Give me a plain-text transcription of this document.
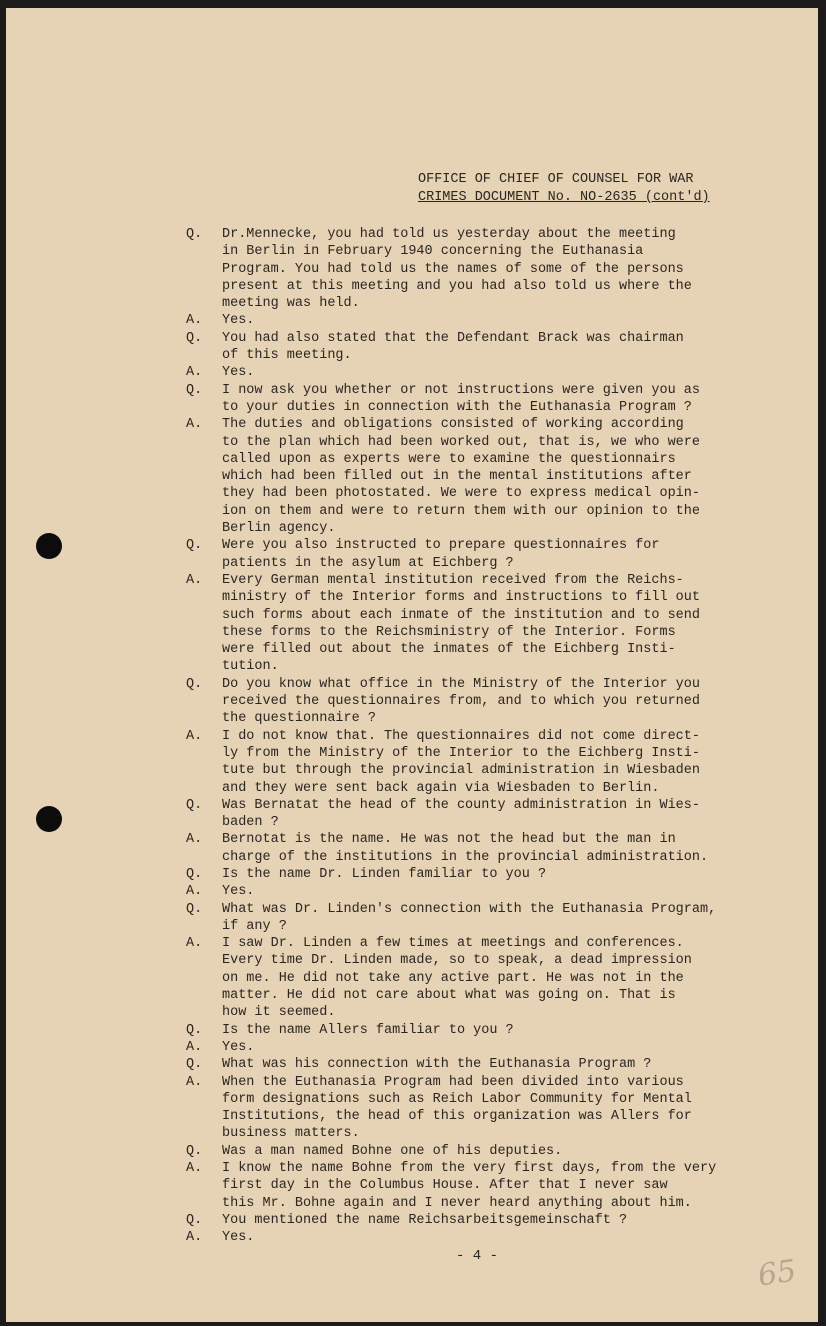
OFFICE OF CHIEF OF COUNSEL FOR WAR
CRIMES DOCUMENT No. NO-2635 (cont'd)
Q. Dr.Mennecke, you had told us yesterday about the meeting
in Berlin in February 1940 concerning the Euthanasia
Program. You had told us the names of some of the persons
present at this meeting and you had also told us where the
meeting was held.
A. Yes.
Q. You had also stated that the Defendant Brack was chairman
of this meeting.
A. Yes.
Q. I now ask you whether or not instructions were given you as
to your duties in connection with the Euthanasia Program ?
A. The duties and obligations consisted of working according
to the plan which had been worked out, that is, we who were
called upon as experts were to examine the questionnairs
which had been filled out in the mental institutions after
they had been photostated. We were to express medical opin-
ion on them and were to return them with our opinion to the
Berlin agency.
Q. Were you also instructed to prepare questionnaires for
patients in the asylum at Eichberg ?
A. Every German mental institution received from the Reichs-
ministry of the Interior forms and instructions to fill out
such forms about each inmate of the institution and to send
these forms to the Reichsministry of the Interior. Forms
were filled out about the inmates of the Eichberg Insti-
tution.
Q. Do you know what office in the Ministry of the Interior you
received the questionnaires from, and to which you returned
the questionnaire ?
A. I do not know that. The questionnaires did not come direct-
ly from the Ministry of the Interior to the Eichberg Insti-
tute but through the provincial administration in Wiesbaden
and they were sent back again via Wiesbaden to Berlin.
Q. Was Bernatat the head of the county administration in Wies-
baden ?
A. Bernotat is the name. He was not the head but the man in
charge of the institutions in the provincial administration.
Q. Is the name Dr. Linden familiar to you ?
A. Yes.
Q. What was Dr. Linden's connection with the Euthanasia Program,
if any ?
A. I saw Dr. Linden a few times at meetings and conferences.
Every time Dr. Linden made, so to speak, a dead impression
on me. He did not take any active part. He was not in the
matter. He did not care about what was going on. That is
how it seemed.
Q. Is the name Allers familiar to you ?
A. Yes.
Q. What was his connection with the Euthanasia Program ?
A. When the Euthanasia Program had been divided into various
form designations such as Reich Labor Community for Mental
Institutions, the head of this organization was Allers for
business matters.
Q. Was a man named Bohne one of his deputies.
A. I know the name Bohne from the very first days, from the very
first day in the Columbus House. After that I never saw
this Mr. Bohne again and I never heard anything about him.
Q. You mentioned the name Reichsarbeitsgemeinschaft ?
A. Yes.
- 4 -	65
